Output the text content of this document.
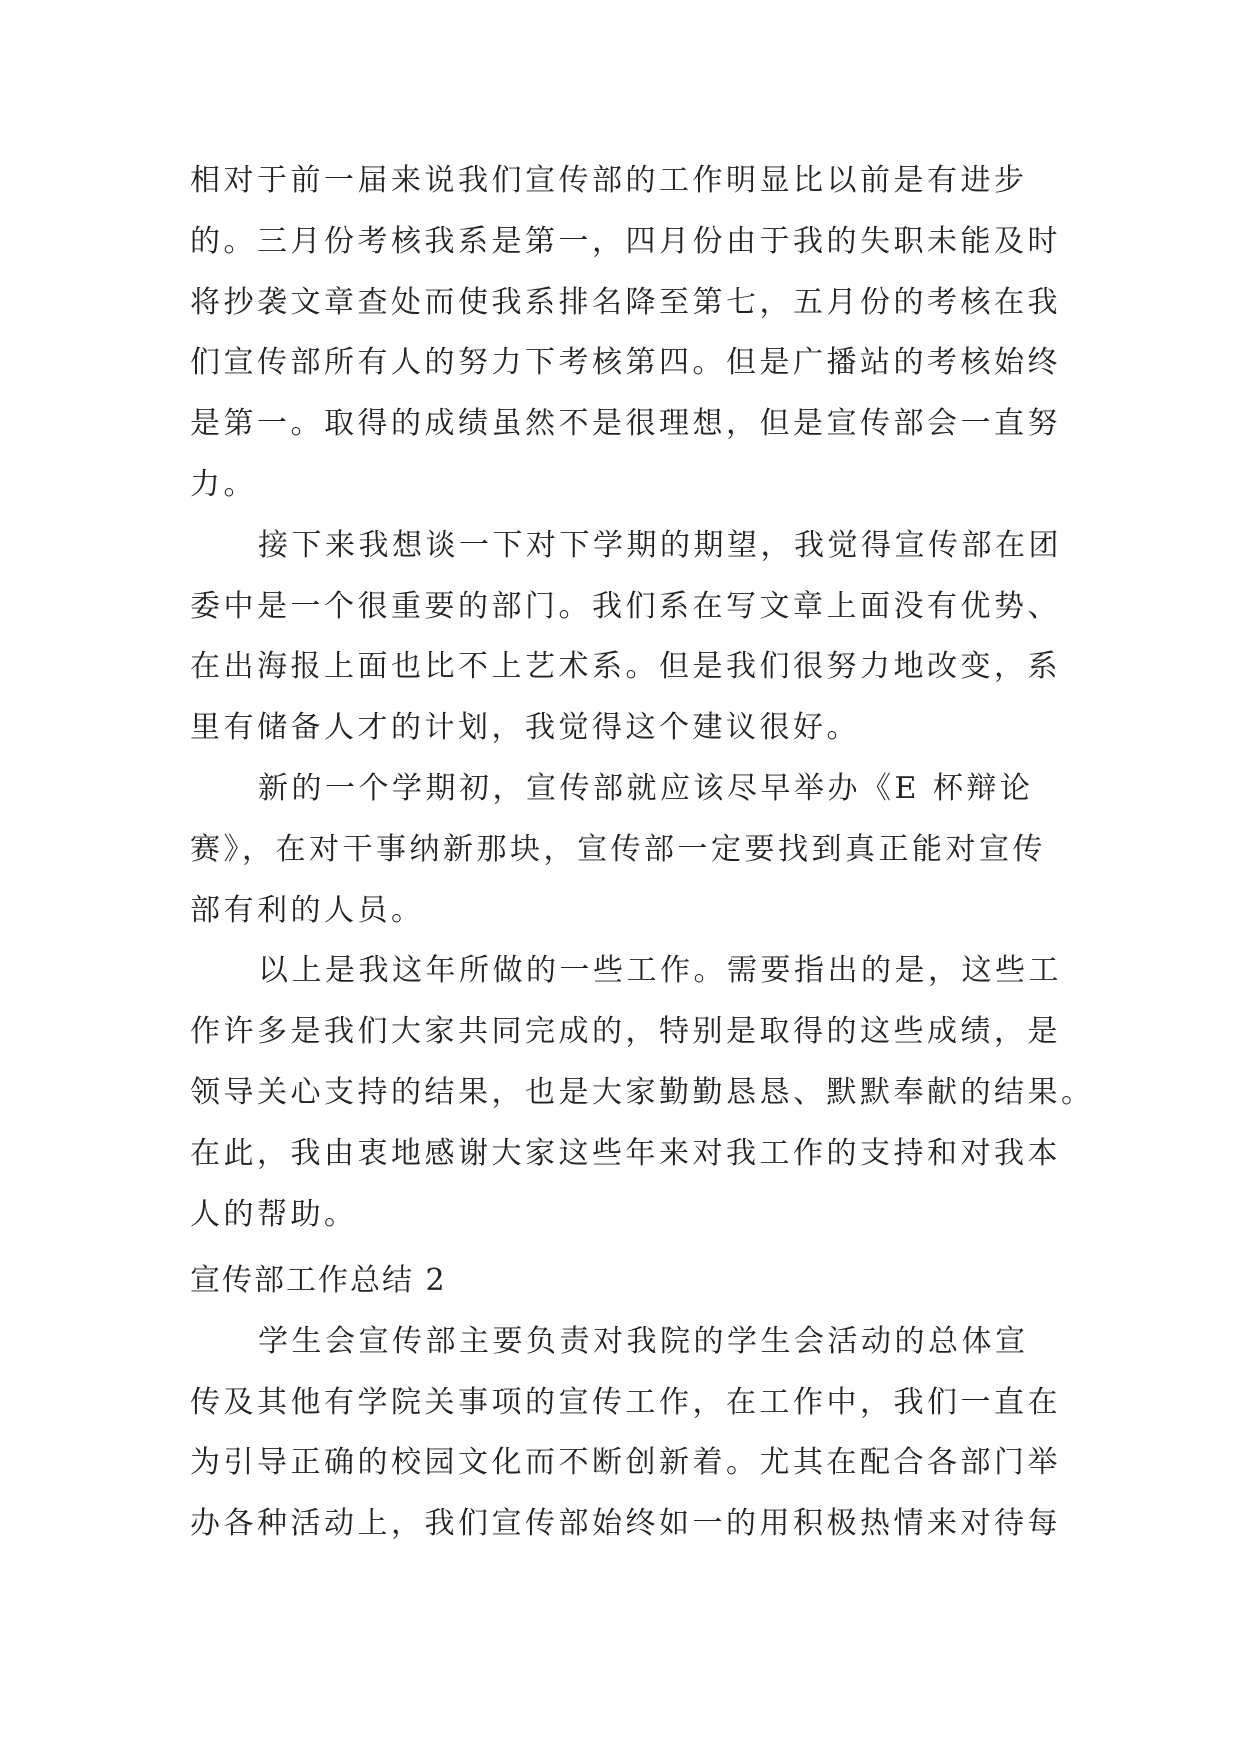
相对于前一届来说我们宣传部的工作明显比以前是有进步
的。三月份考核我系是第一，四月份由于我的失职未能及时
将抄袭文章查处而使我系排名降至第七，五月份的考核在我
们宣传部所有人的努力下考核第四。但是广播站的考核始终
是第一。取得的成绩虽然不是很理想，但是宣传部会一直努
力。
接下来我想谈一下对下学期的期望，我觉得宣传部在团
委中是一个很重要的部门。我们系在写文章上面没有优势、
在出海报上面也比不上艺术系。但是我们很努力地改变，系
里有储备人才的计划，我觉得这个建议很好。
新的一个学期初，宣传部就应该尽早举办《E 杯辩论
赛》，在对干事纳新那块，宣传部一定要找到真正能对宣传
部有利的人员。
以上是我这年所做的一些工作。需要指出的是，这些工
作许多是我们大家共同完成的，特别是取得的这些成绩，是
领导关心支持的结果，也是大家勤勤恳恳、默默奉献的结果。
在此，我由衷地感谢大家这些年来对我工作的支持和对我本
人的帮助。
宣传部工作总结 2
学生会宣传部主要负责对我院的学生会活动的总体宣
传及其他有学院关事项的宣传工作，在工作中，我们一直在
为引导正确的校园文化而不断创新着。尤其在配合各部门举
办各种活动上，我们宣传部始终如一的用积极热情来对待每
